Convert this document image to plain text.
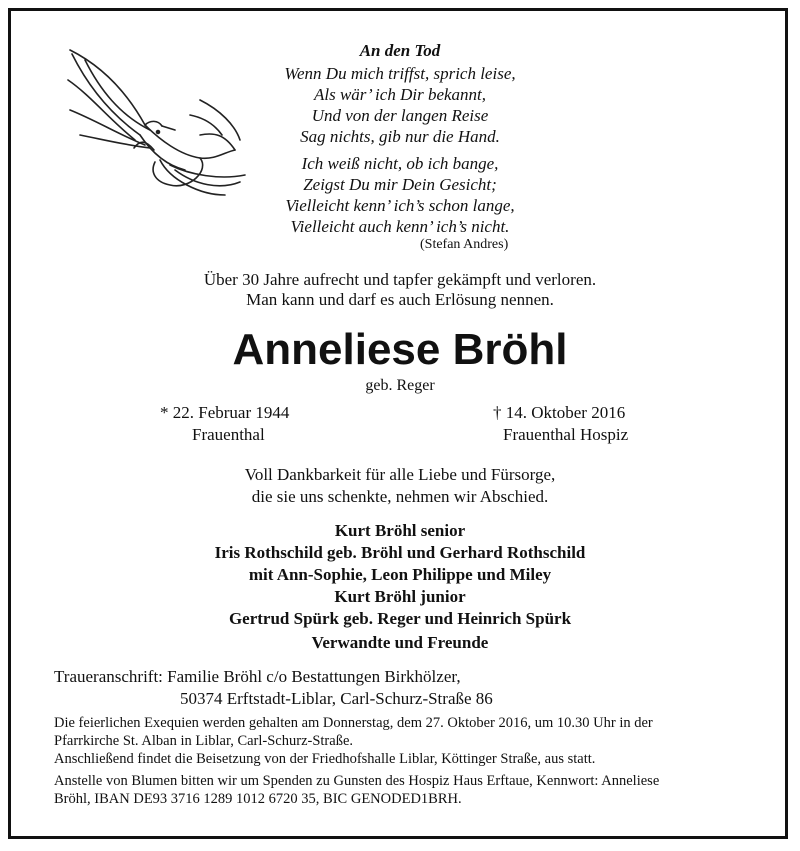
An den Tod
Wenn Du mich triffst, sprich leise,
Als wär’ ich Dir bekannt,
Und von der langen Reise
Sag nichts, gib nur die Hand.
Ich weiß nicht, ob ich bange,
Zeigst Du mir Dein Gesicht;
Vielleicht kenn’ ich’s schon lange,
Vielleicht auch kenn’ ich’s nicht.
(Stefan Andres)
Über 30 Jahre aufrecht und tapfer gekämpft und verloren.
Man kann und darf es auch Erlösung nennen.
Anneliese Bröhl
geb. Reger
* 22. Februar 1944
Frauenthal
† 14. Oktober 2016
Frauenthal Hospiz
Voll Dankbarkeit für alle Liebe und Fürsorge,
die sie uns schenkte, nehmen wir Abschied.
Kurt Bröhl senior
Iris Rothschild geb. Bröhl und Gerhard Rothschild
mit Ann-Sophie, Leon Philippe und Miley
Kurt Bröhl junior
Gertrud Spürk geb. Reger und Heinrich Spürk
Verwandte und Freunde
Traueranschrift: Familie Bröhl c/o Bestattungen Birkhölzer,
50374 Erftstadt-Liblar, Carl-Schurz-Straße 86
Die feierlichen Exequien werden gehalten am Donnerstag, dem 27. Oktober 2016, um 10.30 Uhr in der
Pfarrkirche St. Alban in Liblar, Carl-Schurz-Straße.
Anschließend findet die Beisetzung von der Friedhofshalle Liblar, Köttinger Straße, aus statt.
Anstelle von Blumen bitten wir um Spenden zu Gunsten des Hospiz Haus Erftaue, Kennwort: Anneliese
Bröhl, IBAN DE93 3716 1289 1012 6720 35, BIC GENODED1BRH.
